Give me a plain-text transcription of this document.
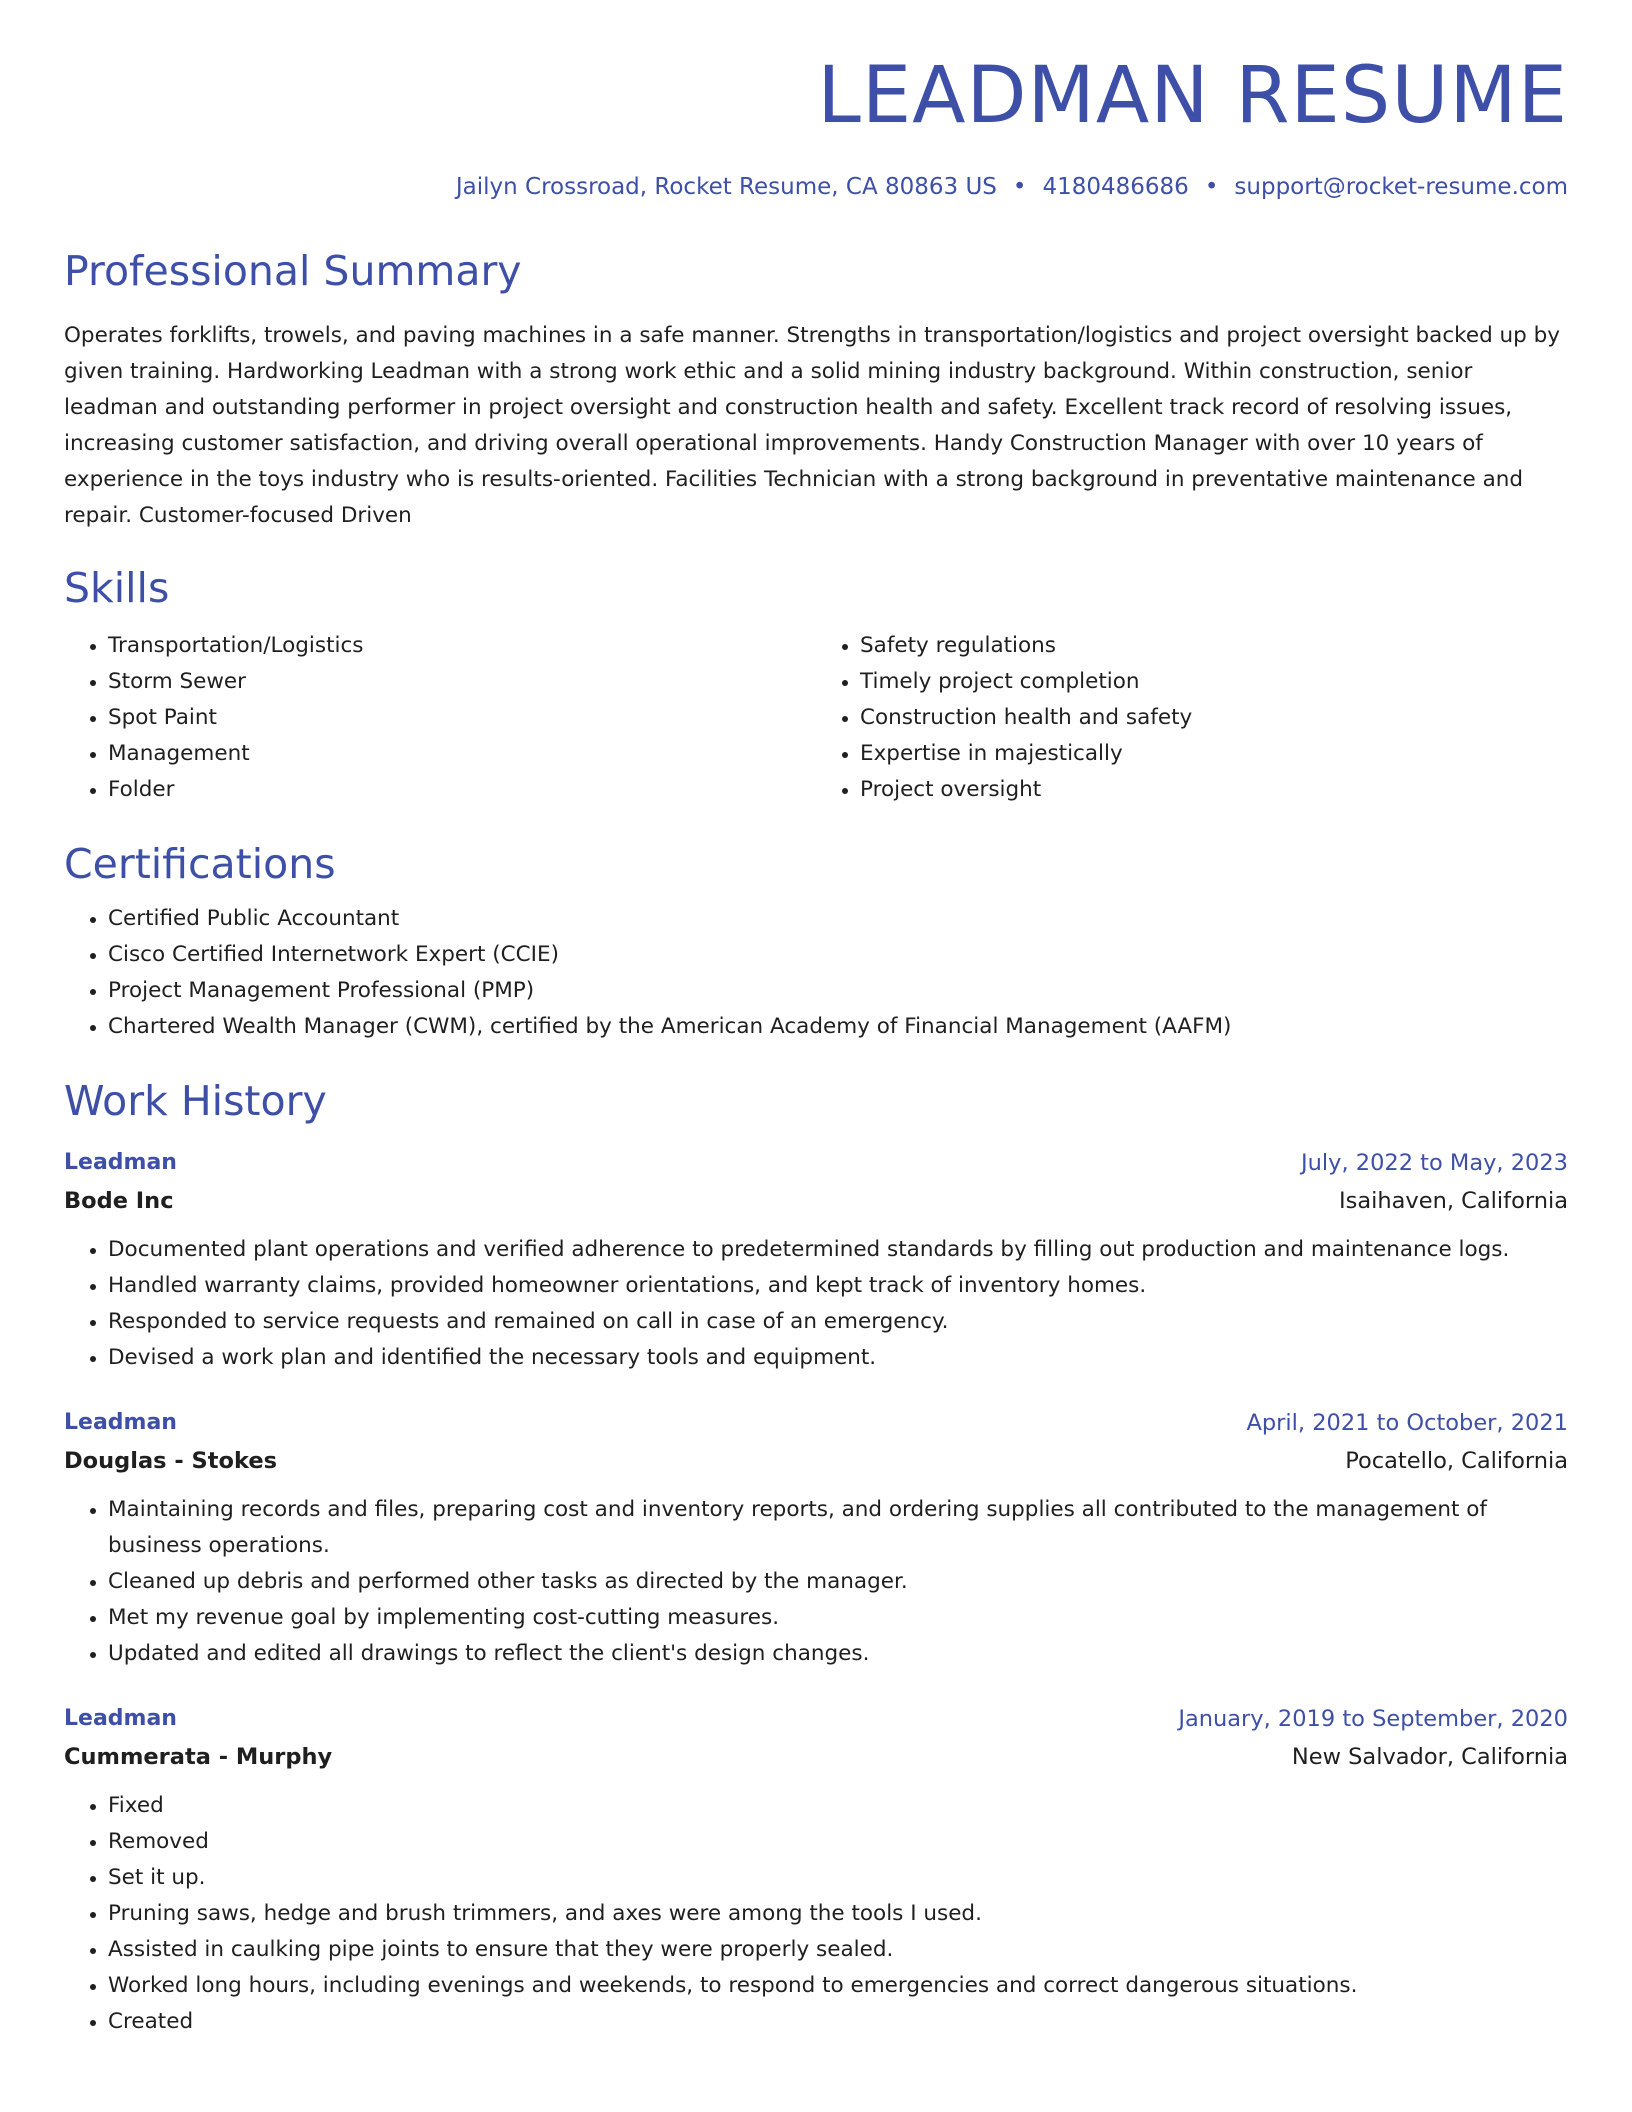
LEADMAN RESUME
Jailyn Crossroad, Rocket Resume, CA 80863 US • 4180486686 • support@rocket-resume.com
Professional Summary
Operates forklifts, trowels, and paving machines in a safe manner. Strengths in transportation/logistics and project oversight backed up by given training. Hardworking Leadman with a strong work ethic and a solid mining industry background. Within construction, senior leadman and outstanding performer in project oversight and construction health and safety. Excellent track record of resolving issues, increasing customer satisfaction, and driving overall operational improvements. Handy Construction Manager with over 10 years of experience in the toys industry who is results-oriented. Facilities Technician with a strong background in preventative maintenance and repair. Customer-focused Driven
Skills
• Transportation/Logistics
• Storm Sewer
• Spot Paint
• Management
• Folder
• Safety regulations
• Timely project completion
• Construction health and safety
• Expertise in majestically
• Project oversight
Certifications
• Certified Public Accountant
• Cisco Certified Internetwork Expert (CCIE)
• Project Management Professional (PMP)
• Chartered Wealth Manager (CWM), certified by the American Academy of Financial Management (AAFM)
Work History
Leadman	July, 2022 to May, 2023
Bode Inc	Isaihaven, California
• Documented plant operations and verified adherence to predetermined standards by filling out production and maintenance logs.
• Handled warranty claims, provided homeowner orientations, and kept track of inventory homes.
• Responded to service requests and remained on call in case of an emergency.
• Devised a work plan and identified the necessary tools and equipment.
Leadman	April, 2021 to October, 2021
Douglas - Stokes	Pocatello, California
• Maintaining records and files, preparing cost and inventory reports, and ordering supplies all contributed to the management of business operations.
• Cleaned up debris and performed other tasks as directed by the manager.
• Met my revenue goal by implementing cost-cutting measures.
• Updated and edited all drawings to reflect the client's design changes.
Leadman	January, 2019 to September, 2020
Cummerata - Murphy	New Salvador, California
• Fixed
• Removed
• Set it up.
• Pruning saws, hedge and brush trimmers, and axes were among the tools I used.
• Assisted in caulking pipe joints to ensure that they were properly sealed.
• Worked long hours, including evenings and weekends, to respond to emergencies and correct dangerous situations.
• Created
